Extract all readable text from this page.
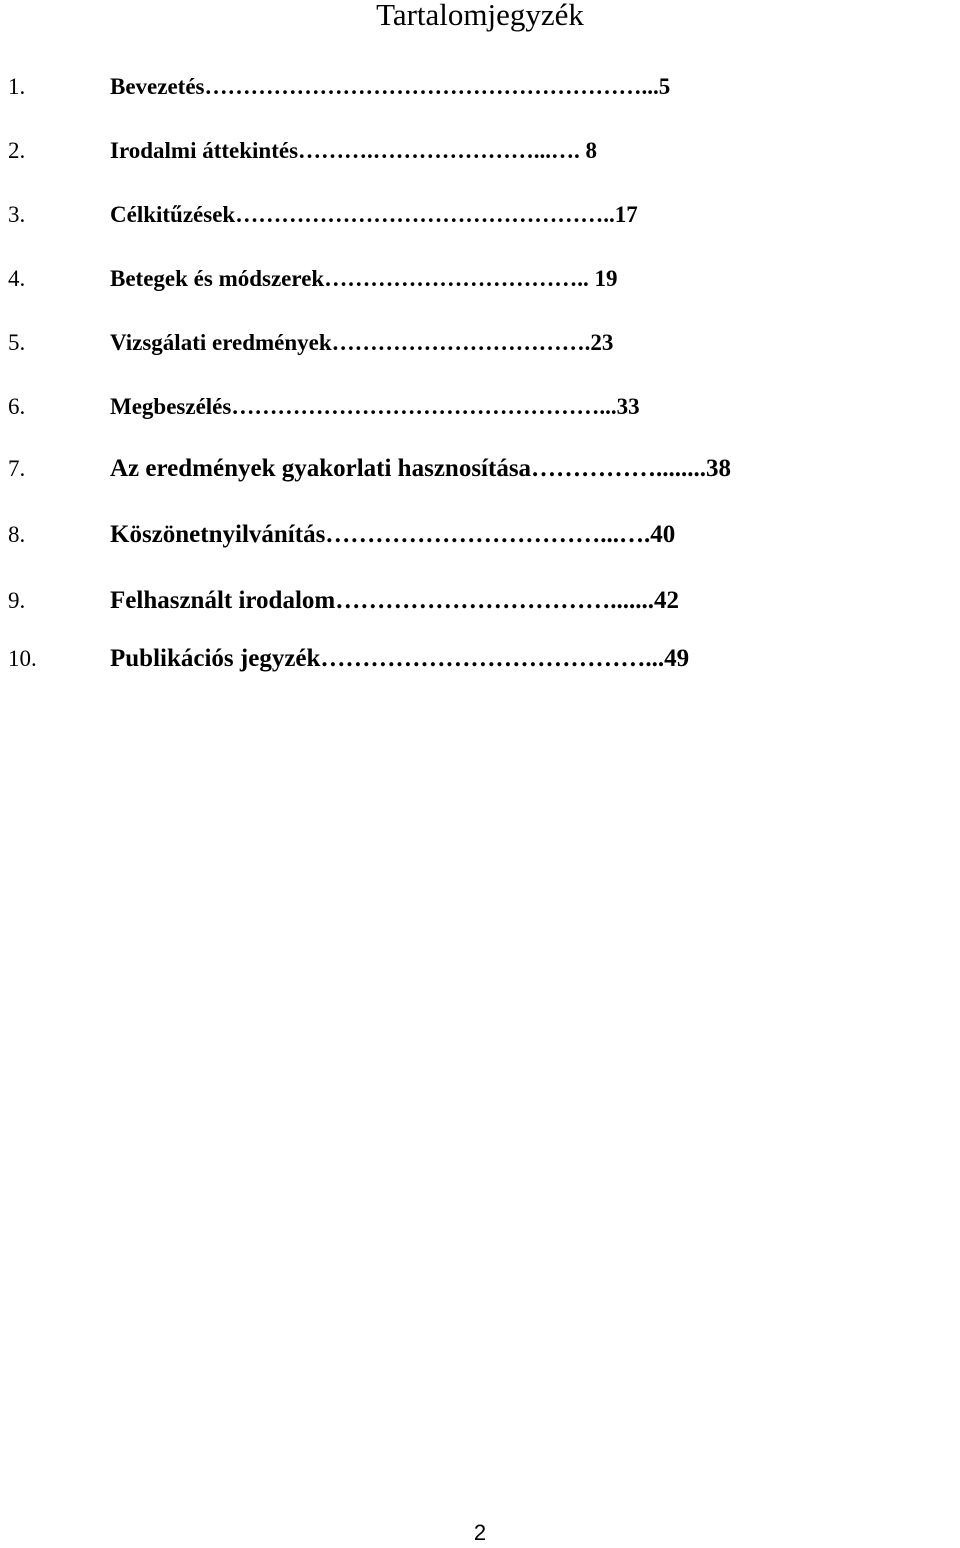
Tartalomjegyzék
1.	Bevezetés…………………………………………………...5
2.	Irodalmi áttekintés……….…………………...…. 8
3.	Célkitűzések…………………………………………..17
4.	Betegek és módszerek…………………………….. 19
5.	Vizsgálati eredmények…………………………….23
6.	Megbeszélés…………………………………………...33
7.	Az eredmények gyakorlati hasznosítása……………........38
8.	Köszönetnyilvánítás……………………………...….40
9.	Felhasznált irodalom…………………………….......42
10.	Publikációs jegyzék…………………………………...49
2
